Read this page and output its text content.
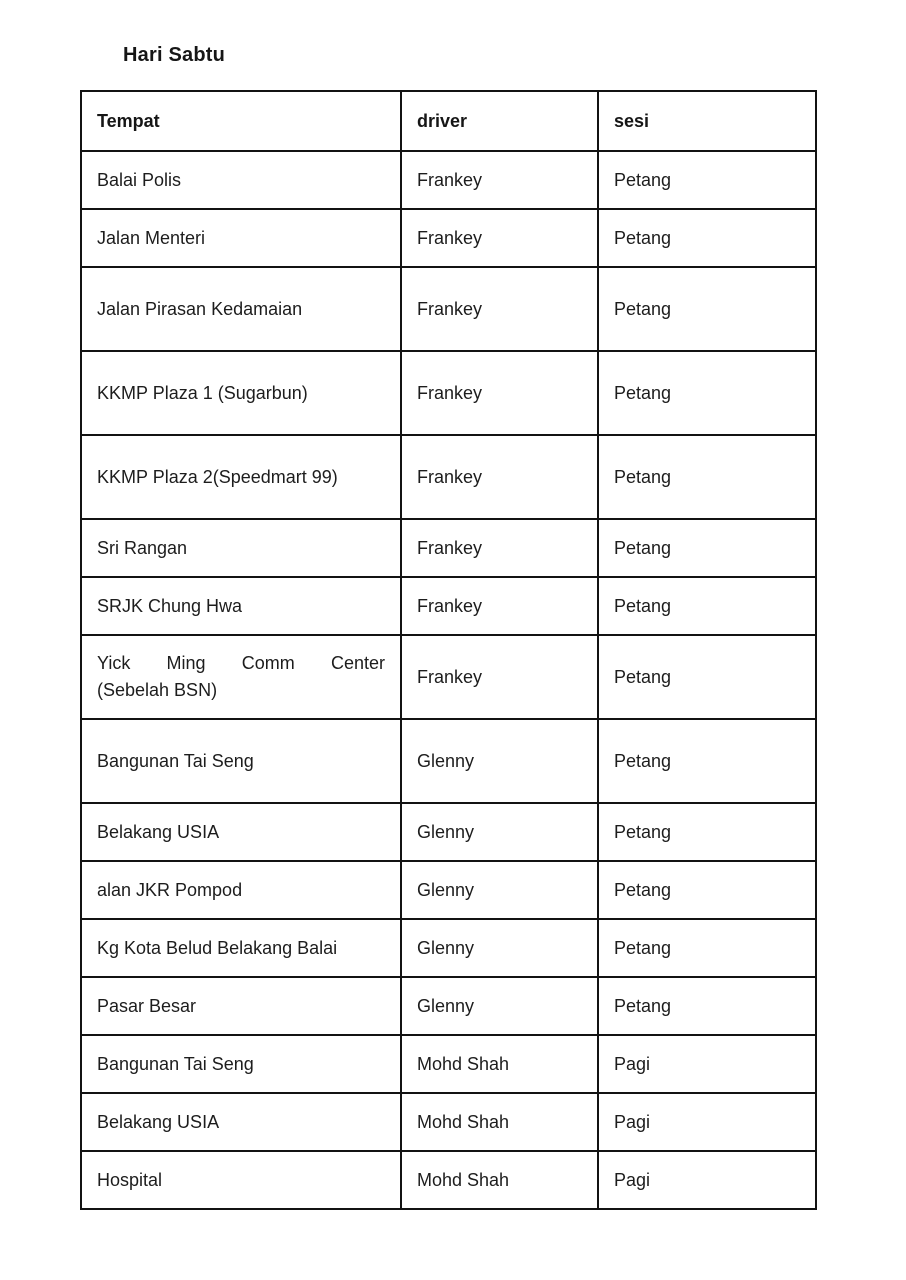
Hari Sabtu
Tempat	driver	sesi
Balai Polis	Frankey	Petang
Jalan Menteri	Frankey	Petang
Jalan Pirasan Kedamaian	Frankey	Petang
KKMP Plaza 1 (Sugarbun)	Frankey	Petang
KKMP Plaza 2(Speedmart 99)	Frankey	Petang
Sri Rangan	Frankey	Petang
SRJK Chung Hwa	Frankey	Petang

Yick Ming Comm Center
(Sebelah BSN)	Frankey	Petang
Bangunan Tai Seng	Glenny	Petang
Belakang USIA	Glenny	Petang
alan JKR Pompod	Glenny	Petang
Kg Kota Belud Belakang Balai	Glenny	Petang
Pasar Besar	Glenny	Petang
Bangunan Tai Seng	Mohd Shah	Pagi
Belakang USIA	Mohd Shah	Pagi
Hospital	Mohd Shah	Pagi
